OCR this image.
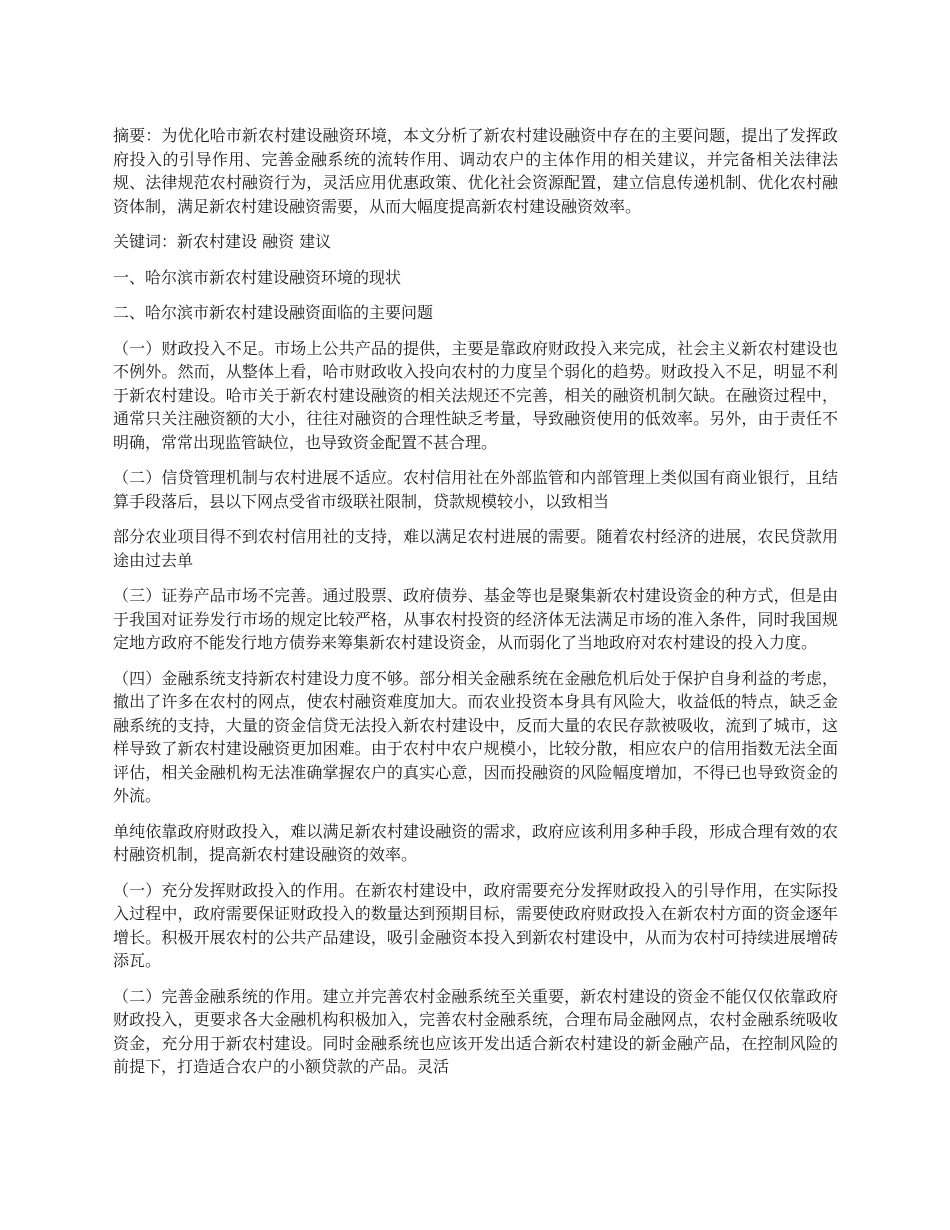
摘要：为优化哈市新农村建设融资环境，本文分析了新农村建设融资中存在的主要问题，提出了发挥政府投入的引导作用、完善金融系统的流转作用、调动农户的主体作用的相关建议，并完备相关法律法规、法律规范农村融资行为，灵活应用优惠政策、优化社会资源配置，建立信息传递机制、优化农村融资体制，满足新农村建设融资需要，从而大幅度提高新农村建设融资效率。

关键词：新农村建设 融资 建议

一、哈尔滨市新农村建设融资环境的现状

二、哈尔滨市新农村建设融资面临的主要问题

（一）财政投入不足。市场上公共产品的提供，主要是靠政府财政投入来完成，社会主义新农村建设也不例外。然而，从整体上看，哈市财政收入投向农村的力度呈个弱化的趋势。财政投入不足，明显不利于新农村建设。哈市关于新农村建设融资的相关法规还不完善，相关的融资机制欠缺。在融资过程中，通常只关注融资额的大小，往往对融资的合理性缺乏考量，导致融资使用的低效率。另外，由于责任不明确，常常出现监管缺位，也导致资金配置不甚合理。

（二）信贷管理机制与农村进展不适应。农村信用社在外部监管和内部管理上类似国有商业银行，且结算手段落后，县以下网点受省市级联社限制，贷款规模较小，以致相当

部分农业项目得不到农村信用社的支持，难以满足农村进展的需要。随着农村经济的进展，农民贷款用途由过去单

（三）证券产品市场不完善。通过股票、政府债券、基金等也是聚集新农村建设资金的种方式，但是由于我国对证券发行市场的规定比较严格，从事农村投资的经济体无法满足市场的准入条件，同时我国规定地方政府不能发行地方债券来筹集新农村建设资金，从而弱化了当地政府对农村建设的投入力度。

（四）金融系统支持新农村建设力度不够。部分相关金融系统在金融危机后处于保护自身利益的考虑，撤出了许多在农村的网点，使农村融资难度加大。而农业投资本身具有风险大，收益低的特点，缺乏金融系统的支持，大量的资金信贷无法投入新农村建设中，反而大量的农民存款被吸收，流到了城市，这样导致了新农村建设融资更加困难。由于农村中农户规模小，比较分散，相应农户的信用指数无法全面评估，相关金融机构无法准确掌握农户的真实心意，因而投融资的风险幅度增加，不得已也导致资金的外流。

单纯依靠政府财政投入，难以满足新农村建设融资的需求，政府应该利用多种手段，形成合理有效的农村融资机制，提高新农村建设融资的效率。

（一）充分发挥财政投入的作用。在新农村建设中，政府需要充分发挥财政投入的引导作用，在实际投入过程中，政府需要保证财政投入的数量达到预期目标，需要使政府财政投入在新农村方面的资金逐年增长。积极开展农村的公共产品建设，吸引金融资本投入到新农村建设中，从而为农村可持续进展增砖添瓦。

（二）完善金融系统的作用。建立并完善农村金融系统至关重要，新农村建设的资金不能仅仅依靠政府财政投入，更要求各大金融机构积极加入，完善农村金融系统，合理布局金融网点，农村金融系统吸收资金，充分用于新农村建设。同时金融系统也应该开发出适合新农村建设的新金融产品，在控制风险的前提下，打造适合农户的小额贷款的产品。灵活
